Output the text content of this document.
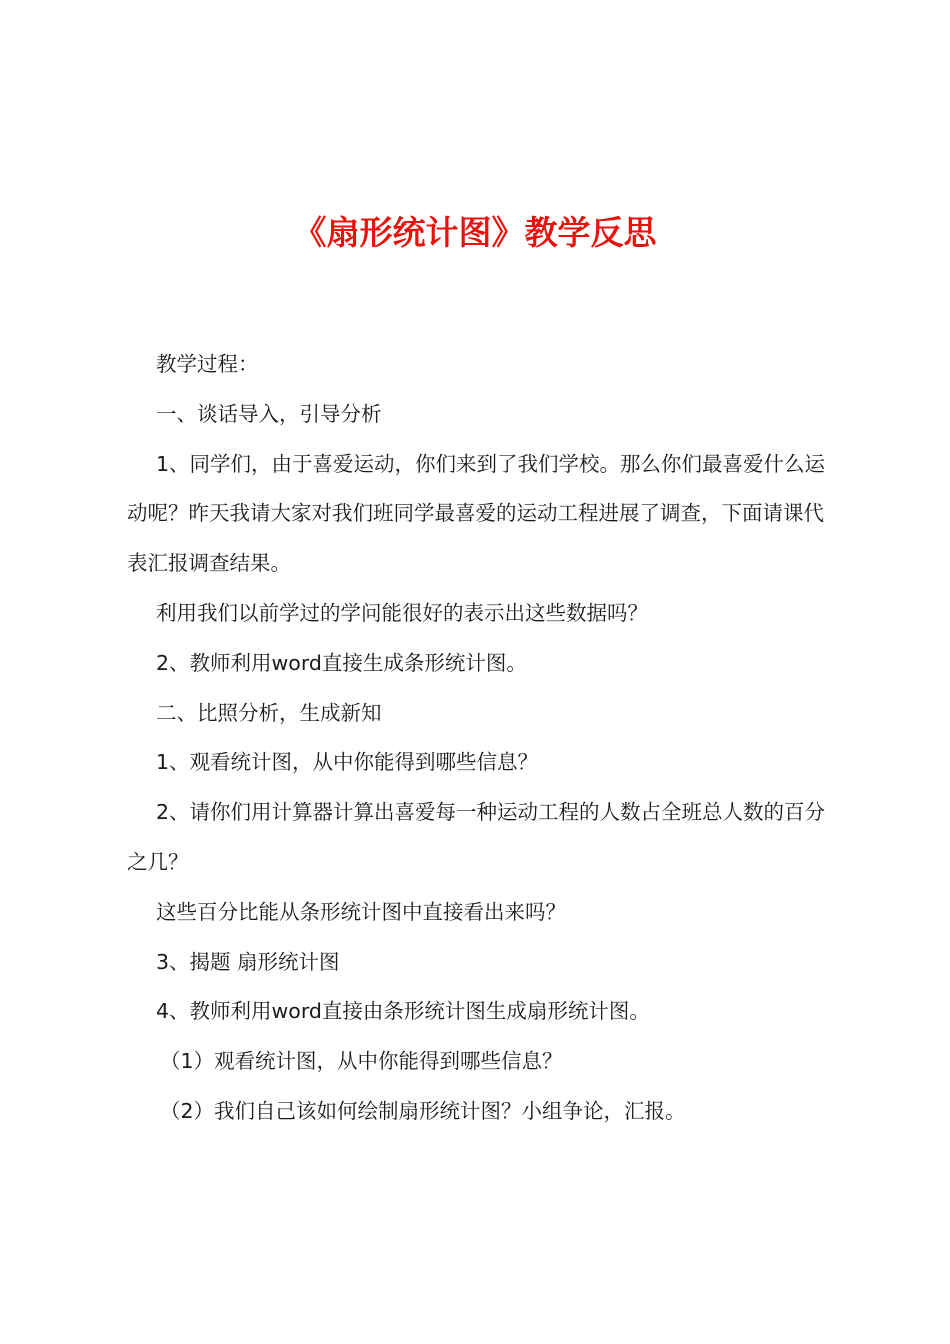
《扇形统计图》教学反思

教学过程：

一、谈话导入，引导分析

1、同学们，由于喜爱运动，你们来到了我们学校。那么你们最喜爱什么运动呢？昨天我请大家对我们班同学最喜爱的运动工程进展了调查，下面请课代表汇报调查结果。

利用我们以前学过的学问能很好的表示出这些数据吗？

2、教师利用word直接生成条形统计图。

二、比照分析，生成新知

1、观看统计图，从中你能得到哪些信息？

2、请你们用计算器计算出喜爱每一种运动工程的人数占全班总人数的百分之几？

这些百分比能从条形统计图中直接看出来吗？

3、揭题 扇形统计图

4、教师利用word直接由条形统计图生成扇形统计图。

（1）观看统计图，从中你能得到哪些信息？

（2）我们自己该如何绘制扇形统计图？小组争论，汇报。
